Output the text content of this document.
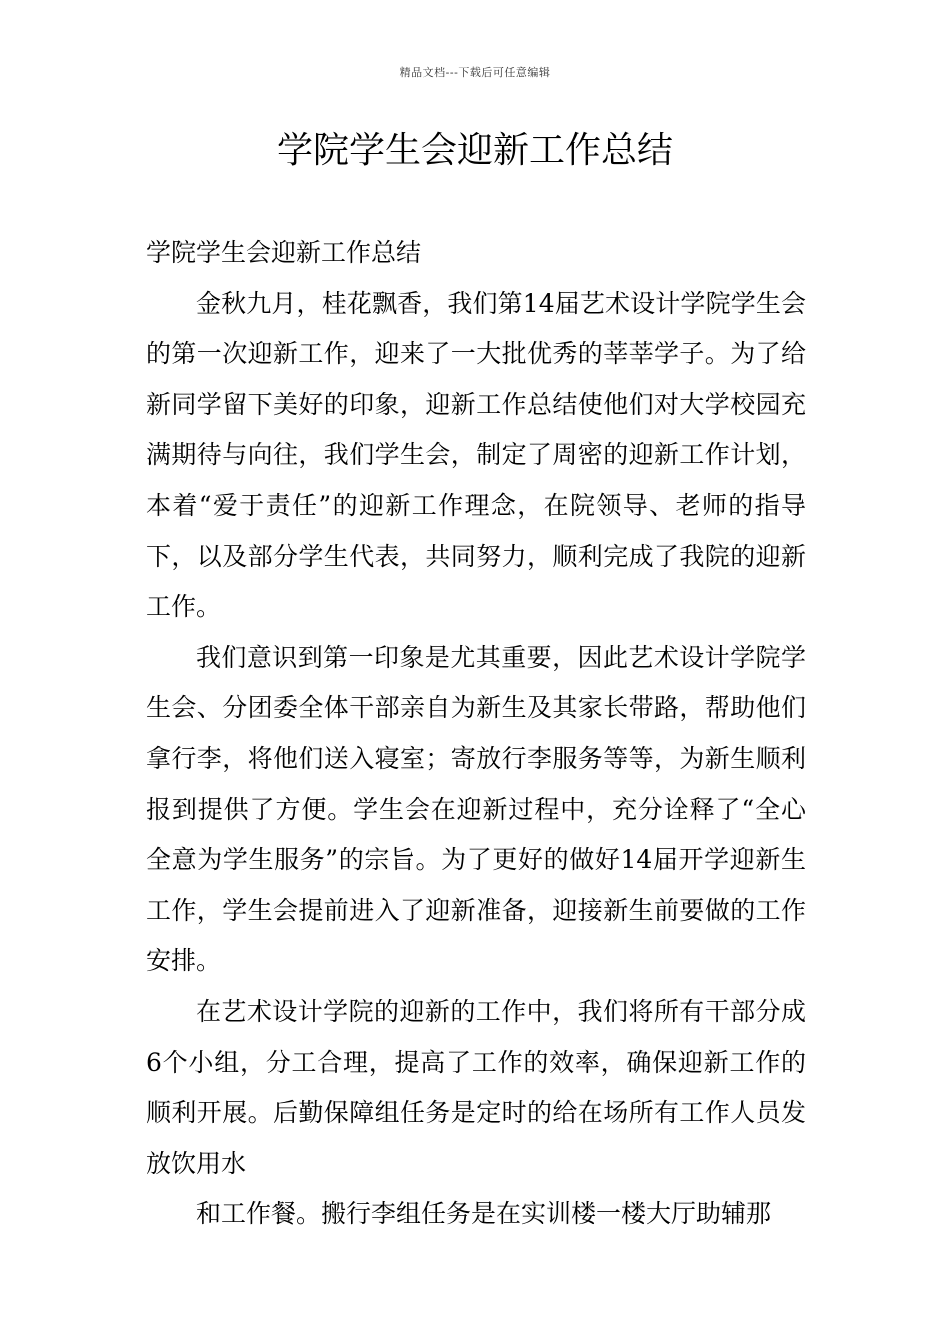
精品文档---下载后可任意编辑
学院学生会迎新工作总结

学院学生会迎新工作总结

金秋九月，桂花飘香，我们第14届艺术设计学院学生会的第一次迎新工作，迎来了一大批优秀的莘莘学子。为了给新同学留下美好的印象，迎新工作总结使他们对大学校园充满期待与向往，我们学生会，制定了周密的迎新工作计划，本着“爱于责任”的迎新工作理念，在院领导、老师的指导下，以及部分学生代表，共同努力，顺利完成了我院的迎新工作。

我们意识到第一印象是尤其重要，因此艺术设计学院学生会、分团委全体干部亲自为新生及其家长带路，帮助他们拿行李，将他们送入寝室；寄放行李服务等等，为新生顺利报到提供了方便。学生会在迎新过程中，充分诠释了“全心全意为学生服务”的宗旨。为了更好的做好14届开学迎新生工作，学生会提前进入了迎新准备，迎接新生前要做的工作安排。

在艺术设计学院的迎新的工作中，我们将所有干部分成6个小组，分工合理，提高了工作的效率，确保迎新工作的顺利开展。后勤保障组任务是定时的给在场所有工作人员发放饮用水

和工作餐。搬行李组任务是在实训楼一楼大厅助辅那
